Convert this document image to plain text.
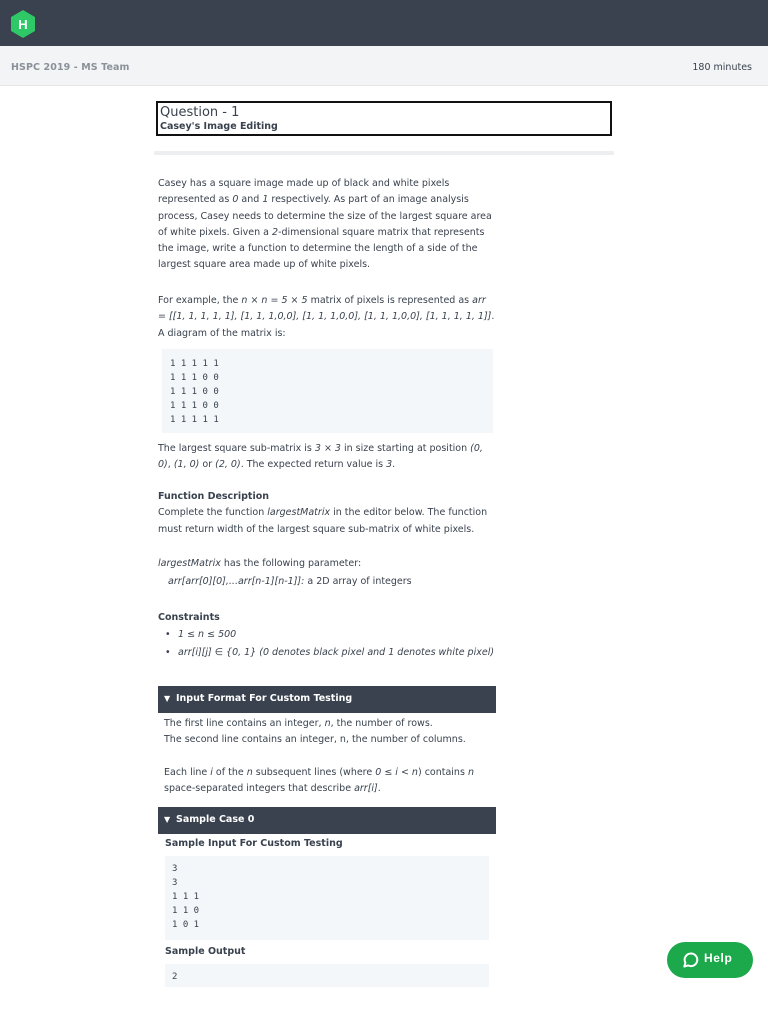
H
HSPC 2019 - MS Team	180 minutes
Question - 1
Casey's Image Editing
Casey has a square image made up of black and white pixels represented as 0 and 1 respectively. As part of an image analysis process, Casey needs to determine the size of the largest square area of white pixels. Given a 2-dimensional square matrix that represents the image, write a function to determine the length of a side of the largest square area made up of white pixels.
For example, the n × n = 5 × 5 matrix of pixels is represented as arr = [[1, 1, 1, 1, 1], [1, 1, 1,0,0], [1, 1, 1,0,0], [1, 1, 1,0,0], [1, 1, 1, 1, 1]]. A diagram of the matrix is:
1 1 1 1 1
1 1 1 0 0
1 1 1 0 0
1 1 1 0 0
1 1 1 1 1
The largest square sub-matrix is 3 × 3 in size starting at position (0, 0), (1, 0) or (2, 0). The expected return value is 3.
Function Description
Complete the function largestMatrix in the editor below. The function must return width of the largest square sub-matrix of white pixels.
largestMatrix has the following parameter:
arr[arr[0][0],...arr[n-1][n-1]]: a 2D array of integers
Constraints
• 1 ≤ n ≤ 500
• arr[i][j] ∈ {0, 1} (0 denotes black pixel and 1 denotes white pixel)
▼ Input Format For Custom Testing
The first line contains an integer, n, the number of rows.
The second line contains an integer, n, the number of columns.
Each line i of the n subsequent lines (where 0 ≤ i < n) contains n space-separated integers that describe arr[i].
▼ Sample Case 0
Sample Input For Custom Testing
3
3
1 1 1
1 1 0
1 0 1
Sample Output
2
Help
